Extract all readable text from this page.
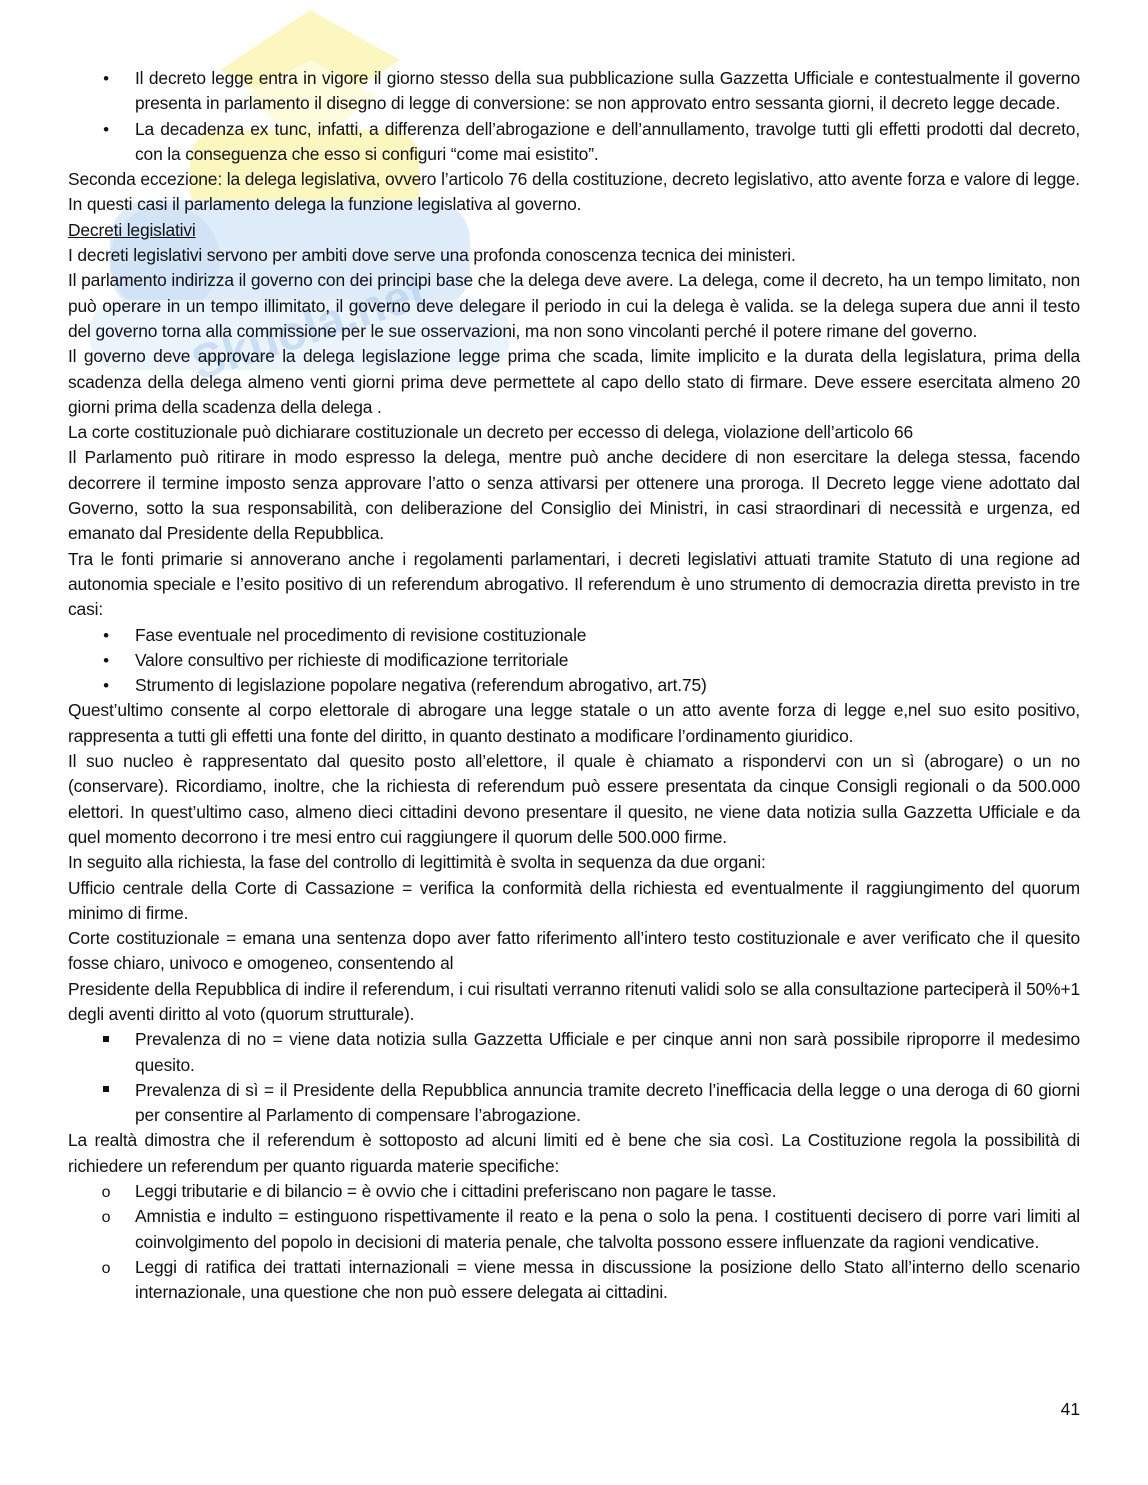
Skuola.net
•
Il decreto legge entra in vigore il giorno stesso della sua pubblicazione sulla Gazzetta Ufficiale e contestualmente il governo presenta in parlamento il disegno di legge di conversione: se non approvato entro sessanta giorni, il decreto legge decade.
•
La decadenza ex tunc, infatti, a differenza dell’abrogazione e dell’annullamento, travolge tutti gli effetti prodotti dal decreto, con la conseguenza che esso si configuri “come mai esistito”.

Seconda eccezione: la delega legislativa, ovvero l’articolo 76 della costituzione, decreto legislativo, atto avente forza e valore di legge. In questi casi il parlamento delega la funzione legislativa al governo.

Decreti legislativi

I decreti legislativi servono per ambiti dove serve una profonda conoscenza tecnica dei ministeri.

Il parlamento indirizza il governo con dei principi base che la delega deve avere. La delega, come il decreto, ha un tempo limitato, non può operare in un tempo illimitato, il governo deve delegare il periodo in cui la delega è valida. se la delega supera due anni il testo del governo torna alla commissione per le sue osservazioni, ma non sono vincolanti perché il potere rimane del governo.

Il governo deve approvare la delega legislazione legge prima che scada, limite implicito e la durata della legislatura, prima della scadenza della delega almeno venti giorni prima deve permettete al capo dello stato di firmare. Deve essere esercitata almeno 20 giorni prima della scadenza della delega .

La corte costituzionale può dichiarare costituzionale un decreto per eccesso di delega, violazione dell’articolo 66

Il Parlamento può ritirare in modo espresso la delega, mentre può anche decidere di non esercitare la delega stessa, facendo decorrere il termine imposto senza approvare l’atto o senza attivarsi per ottenere una proroga. Il Decreto legge viene adottato dal Governo, sotto la sua responsabilità, con deliberazione del Consiglio dei Ministri, in casi straordinari di necessità e urgenza, ed emanato dal Presidente della Repubblica.

Tra le fonti primarie si annoverano anche i regolamenti parlamentari, i decreti legislativi attuati tramite Statuto di una regione ad autonomia speciale e l’esito positivo di un referendum abrogativo. Il referendum è uno strumento di democrazia diretta previsto in tre casi:

•
Fase eventuale nel procedimento di revisione costituzionale
•
Valore consultivo per richieste di modificazione territoriale
•
Strumento di legislazione popolare negativa (referendum abrogativo, art.75)

Quest’ultimo consente al corpo elettorale di abrogare una legge statale o un atto avente forza di legge e,nel suo esito positivo, rappresenta a tutti gli effetti una fonte del diritto, in quanto destinato a modificare l’ordinamento giuridico.

Il suo nucleo è rappresentato dal quesito posto all’elettore, il quale è chiamato a rispondervi con un sì (abrogare) o un no (conservare). Ricordiamo, inoltre, che la richiesta di referendum può essere presentata da cinque Consigli regionali o da 500.000 elettori. In quest’ultimo caso, almeno dieci cittadini devono presentare il quesito, ne viene data notizia sulla Gazzetta Ufficiale e da quel momento decorrono i tre mesi entro cui raggiungere il quorum delle 500.000 firme.

In seguito alla richiesta, la fase del controllo di legittimità è svolta in sequenza da due organi:

Ufficio centrale della Corte di Cassazione = verifica la conformità della richiesta ed eventualmente il raggiungimento del quorum minimo di firme.

Corte costituzionale = emana una sentenza dopo aver fatto riferimento all’intero testo costituzionale e aver verificato che il quesito fosse chiaro, univoco e omogeneo, consentendo al

Presidente della Repubblica di indire il referendum, i cui risultati verranno ritenuti validi solo se alla consultazione parteciperà il 50%+1 degli aventi diritto al voto (quorum strutturale).

Prevalenza di no = viene data notizia sulla Gazzetta Ufficiale e per cinque anni non sarà possibile riproporre il medesimo quesito.
Prevalenza di sì = il Presidente della Repubblica annuncia tramite decreto l’inefficacia della legge o una deroga di 60 giorni per consentire al Parlamento di compensare l’abrogazione.

La realtà dimostra che il referendum è sottoposto ad alcuni limiti ed è bene che sia così. La Costituzione regola la possibilità di richiedere un referendum per quanto riguarda materie specifiche:

o
Leggi tributarie e di bilancio = è ovvio che i cittadini preferiscano non pagare le tasse.
o
Amnistia e indulto = estinguono rispettivamente il reato e la pena o solo la pena. I costituenti decisero di porre vari limiti al coinvolgimento del popolo in decisioni di materia penale, che talvolta possono essere influenzate da ragioni vendicative.
o
Leggi di ratifica dei trattati internazionali = viene messa in discussione la posizione dello Stato all’interno dello scenario internazionale, una questione che non può essere delegata ai cittadini.
41
